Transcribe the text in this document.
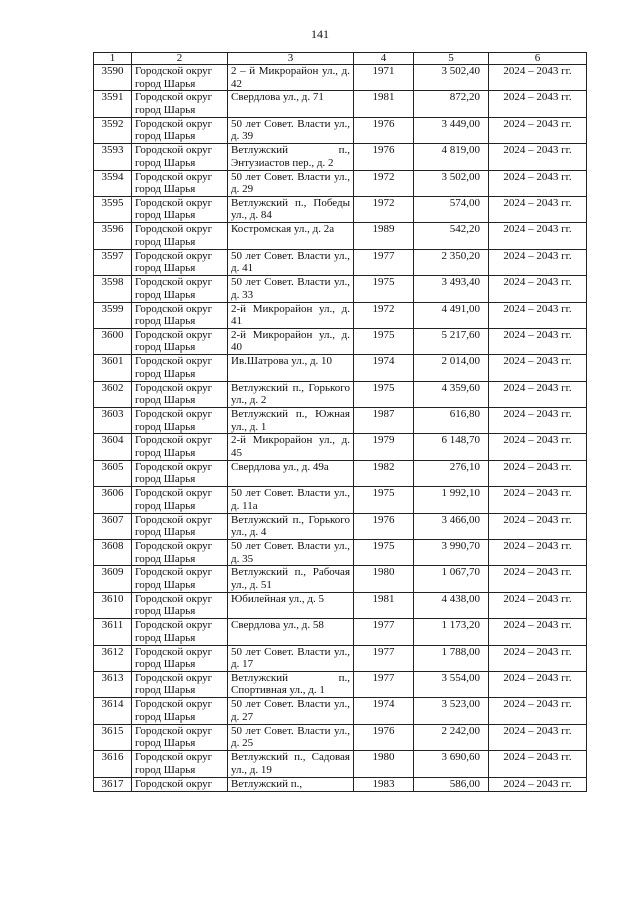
141
1	2	3	4	5	6
3590	Городской округ город Шарья	2 – й Микрорайон ул., д. 42	1971	3 502,40	2024 – 2043 гг.
3591	Городской округ город Шарья	Свердлова ул., д. 71	1981	872,20	2024 – 2043 гг.
3592	Городской округ город Шарья	50 лет Совет. Власти ул., д. 39	1976	3 449,00	2024 – 2043 гг.
3593	Городской округ город Шарья	Ветлужский п., Энтузиастов пер., д. 2	1976	4 819,00	2024 – 2043 гг.
3594	Городской округ город Шарья	50 лет Совет. Власти ул., д. 29	1972	3 502,00	2024 – 2043 гг.
3595	Городской округ город Шарья	Ветлужский п., Победы ул., д. 84	1972	574,00	2024 – 2043 гг.
3596	Городской округ город Шарья	Костромская ул., д. 2а	1989	542,20	2024 – 2043 гг.
3597	Городской округ город Шарья	50 лет Совет. Власти ул., д. 41	1977	2 350,20	2024 – 2043 гг.
3598	Городской округ город Шарья	50 лет Совет. Власти ул., д. 33	1975	3 493,40	2024 – 2043 гг.
3599	Городской округ город Шарья	2-й Микрорайон ул., д. 41	1972	4 491,00	2024 – 2043 гг.
3600	Городской округ город Шарья	2-й Микрорайон ул., д. 40	1975	5 217,60	2024 – 2043 гг.
3601	Городской округ город Шарья	Ив.Шатрова ул., д. 10	1974	2 014,00	2024 – 2043 гг.
3602	Городской округ город Шарья	Ветлужский п., Горького ул., д. 2	1975	4 359,60	2024 – 2043 гг.
3603	Городской округ город Шарья	Ветлужский п., Южная ул., д. 1	1987	616,80	2024 – 2043 гг.
3604	Городской округ город Шарья	2-й Микрорайон ул., д. 45	1979	6 148,70	2024 – 2043 гг.
3605	Городской округ город Шарья	Свердлова ул., д. 49а	1982	276,10	2024 – 2043 гг.
3606	Городской округ город Шарья	50 лет Совет. Власти ул., д. 11а	1975	1 992,10	2024 – 2043 гг.
3607	Городской округ город Шарья	Ветлужский п., Горького ул., д. 4	1976	3 466,00	2024 – 2043 гг.
3608	Городской округ город Шарья	50 лет Совет. Власти ул., д. 35	1975	3 990,70	2024 – 2043 гг.
3609	Городской округ город Шарья	Ветлужский п., Рабочая ул., д. 51	1980	1 067,70	2024 – 2043 гг.
3610	Городской округ город Шарья	Юбилейная ул., д. 5	1981	4 438,00	2024 – 2043 гг.
3611	Городской округ город Шарья	Свердлова ул., д. 58	1977	1 173,20	2024 – 2043 гг.
3612	Городской округ город Шарья	50 лет Совет. Власти ул., д. 17	1977	1 788,00	2024 – 2043 гг.
3613	Городской округ город Шарья	Ветлужский п., Спортивная ул., д. 1	1977	3 554,00	2024 – 2043 гг.
3614	Городской округ город Шарья	50 лет Совет. Власти ул., д. 27	1974	3 523,00	2024 – 2043 гг.
3615	Городской округ город Шарья	50 лет Совет. Власти ул., д. 25	1976	2 242,00	2024 – 2043 гг.
3616	Городской округ город Шарья	Ветлужский п., Садовая ул., д. 19	1980	3 690,60	2024 – 2043 гг.
3617	Городской округ	Ветлужский п.,	1983	586,00	2024 – 2043 гг.
